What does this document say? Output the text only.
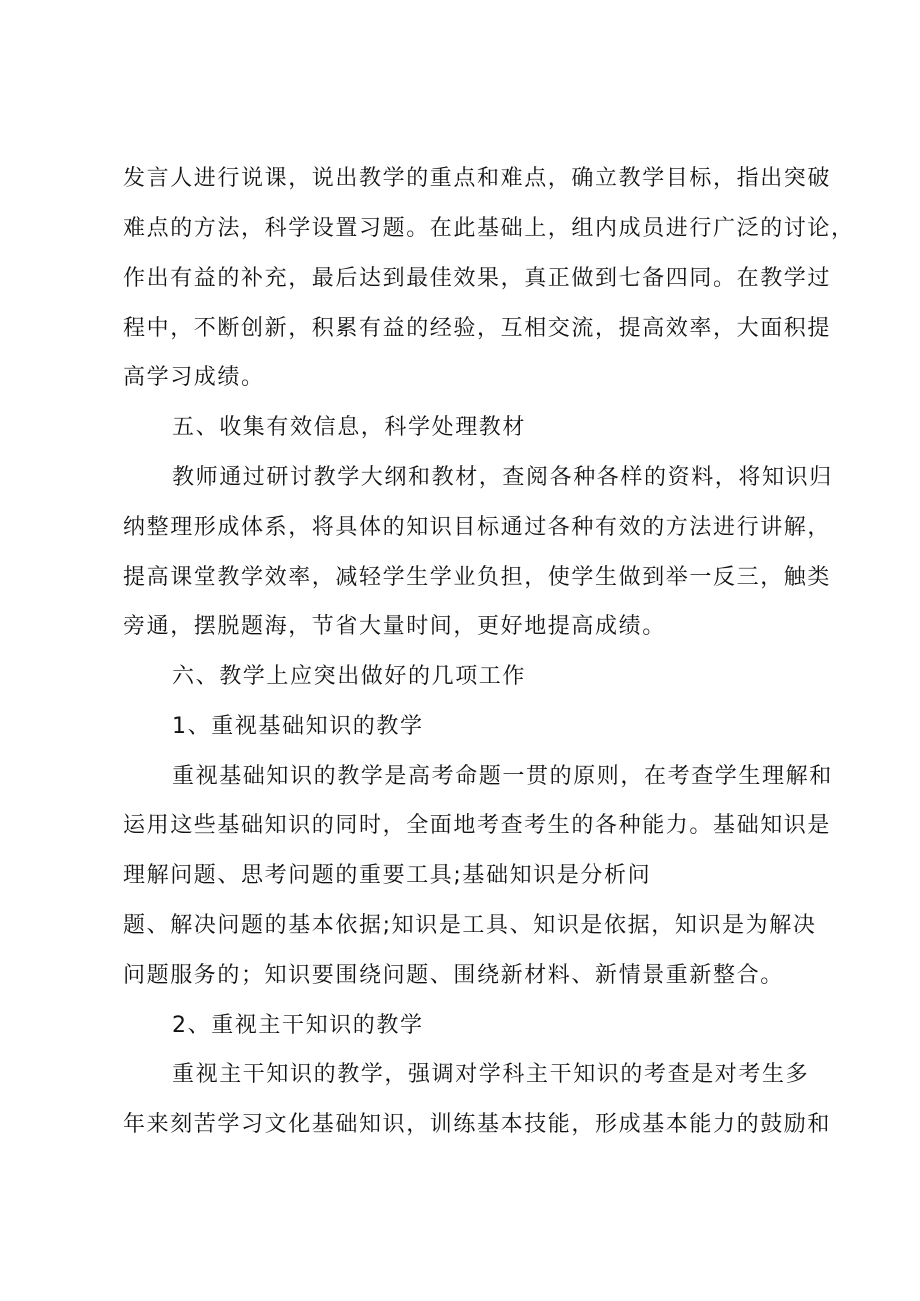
发言人进行说课，说出教学的重点和难点，确立教学目标，指出突破
难点的方法，科学设置习题。在此基础上，组内成员进行广泛的讨论，
作出有益的补充，最后达到最佳效果，真正做到七备四同。在教学过
程中，不断创新，积累有益的经验，互相交流，提高效率，大面积提
高学习成绩。
五、收集有效信息，科学处理教材
教师通过研讨教学大纲和教材，查阅各种各样的资料，将知识归
纳整理形成体系，将具体的知识目标通过各种有效的方法进行讲解，
提高课堂教学效率，减轻学生学业负担，使学生做到举一反三，触类
旁通，摆脱题海，节省大量时间，更好地提高成绩。
六、教学上应突出做好的几项工作
1、重视基础知识的教学
重视基础知识的教学是高考命题一贯的原则，在考查学生理解和
运用这些基础知识的同时，全面地考查考生的各种能力。基础知识是
理解问题、思考问题的重要工具;基础知识是分析问
题、解决问题的基本依据;知识是工具、知识是依据，知识是为解决
问题服务的；知识要围绕问题、围绕新材料、新情景重新整合。
2、重视主干知识的教学
重视主干知识的教学，强调对学科主干知识的考查是对考生多
年来刻苦学习文化基础知识，训练基本技能，形成基本能力的鼓励和
